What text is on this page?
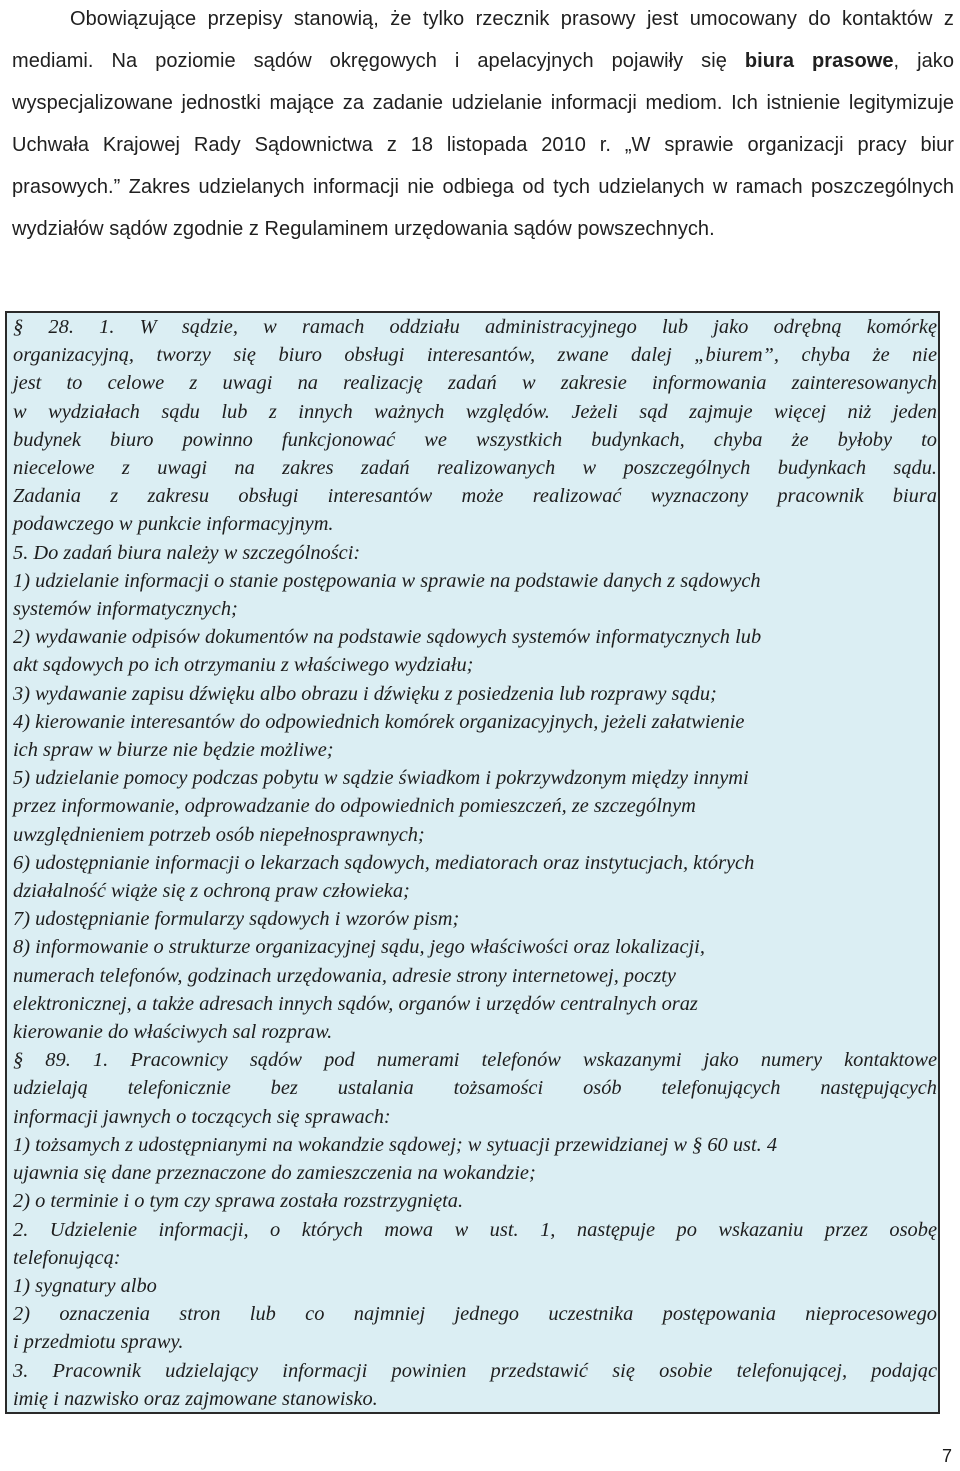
Obowiązujące przepisy stanowią, że tylko rzecznik prasowy jest umocowany do kontaktów z mediami. Na poziomie sądów okręgowych i apelacyjnych pojawiły się biura prasowe, jako wyspecjalizowane jednostki mające za zadanie udzielanie informacji mediom. Ich istnienie legitymizuje Uchwała Krajowej Rady Sądownictwa z 18 listopada 2010 r. „W sprawie organizacji pracy biur prasowych.” Zakres udzielanych informacji nie odbiega od tych udzielanych w ramach poszczególnych wydziałów sądów zgodnie z Regulaminem urzędowania sądów powszechnych.

§ 28. 1. W sądzie, w ramach oddziału administracyjnego lub jako odrębną komórkę
organizacyjną, tworzy się biuro obsługi interesantów, zwane dalej „biurem”, chyba że nie
jest to celowe z uwagi na realizację zadań w zakresie informowania zainteresowanych
w wydziałach sądu lub z innych ważnych względów. Jeżeli sąd zajmuje więcej niż jeden
budynek biuro powinno funkcjonować we wszystkich budynkach, chyba że byłoby to
niecelowe z uwagi na zakres zadań realizowanych w poszczególnych budynkach sądu.
Zadania z zakresu obsługi interesantów może realizować wyznaczony pracownik biura
podawczego w punkcie informacyjnym.
5. Do zadań biura należy w szczególności:
1) udzielanie informacji o stanie postępowania w sprawie na podstawie danych z sądowych
systemów informatycznych;
2) wydawanie odpisów dokumentów na podstawie sądowych systemów informatycznych lub
akt sądowych po ich otrzymaniu z właściwego wydziału;
3) wydawanie zapisu dźwięku albo obrazu i dźwięku z posiedzenia lub rozprawy sądu;
4) kierowanie interesantów do odpowiednich komórek organizacyjnych, jeżeli załatwienie
ich spraw w biurze nie będzie możliwe;
5) udzielanie pomocy podczas pobytu w sądzie świadkom i pokrzywdzonym między innymi
przez informowanie, odprowadzanie do odpowiednich pomieszczeń, ze szczególnym
uwzględnieniem potrzeb osób niepełnosprawnych;
6) udostępnianie informacji o lekarzach sądowych, mediatorach oraz instytucjach, których
działalność wiąże się z ochroną praw człowieka;
7) udostępnianie formularzy sądowych i wzorów pism;
8) informowanie o strukturze organizacyjnej sądu, jego właściwości oraz lokalizacji,
numerach telefonów, godzinach urzędowania, adresie strony internetowej, poczty
elektronicznej, a także adresach innych sądów, organów i urzędów centralnych oraz
kierowanie do właściwych sal rozpraw.
§ 89. 1. Pracownicy sądów pod numerami telefonów wskazanymi jako numery kontaktowe
udzielają telefonicznie bez ustalania tożsamości osób telefonujących następujących
informacji jawnych o toczących się sprawach:
1) tożsamych z udostępnianymi na wokandzie sądowej; w sytuacji przewidzianej w § 60 ust. 4
ujawnia się dane przeznaczone do zamieszczenia na wokandzie;
2) o terminie i o tym czy sprawa została rozstrzygnięta.
2. Udzielenie informacji, o których mowa w ust. 1, następuje po wskazaniu przez osobę
telefonującą:
1) sygnatury albo
2) oznaczenia stron lub co najmniej jednego uczestnika postępowania nieprocesowego
i przedmiotu sprawy.
3. Pracownik udzielający informacji powinien przedstawić się osobie telefonującej, podając
imię i nazwisko oraz zajmowane stanowisko.
7
